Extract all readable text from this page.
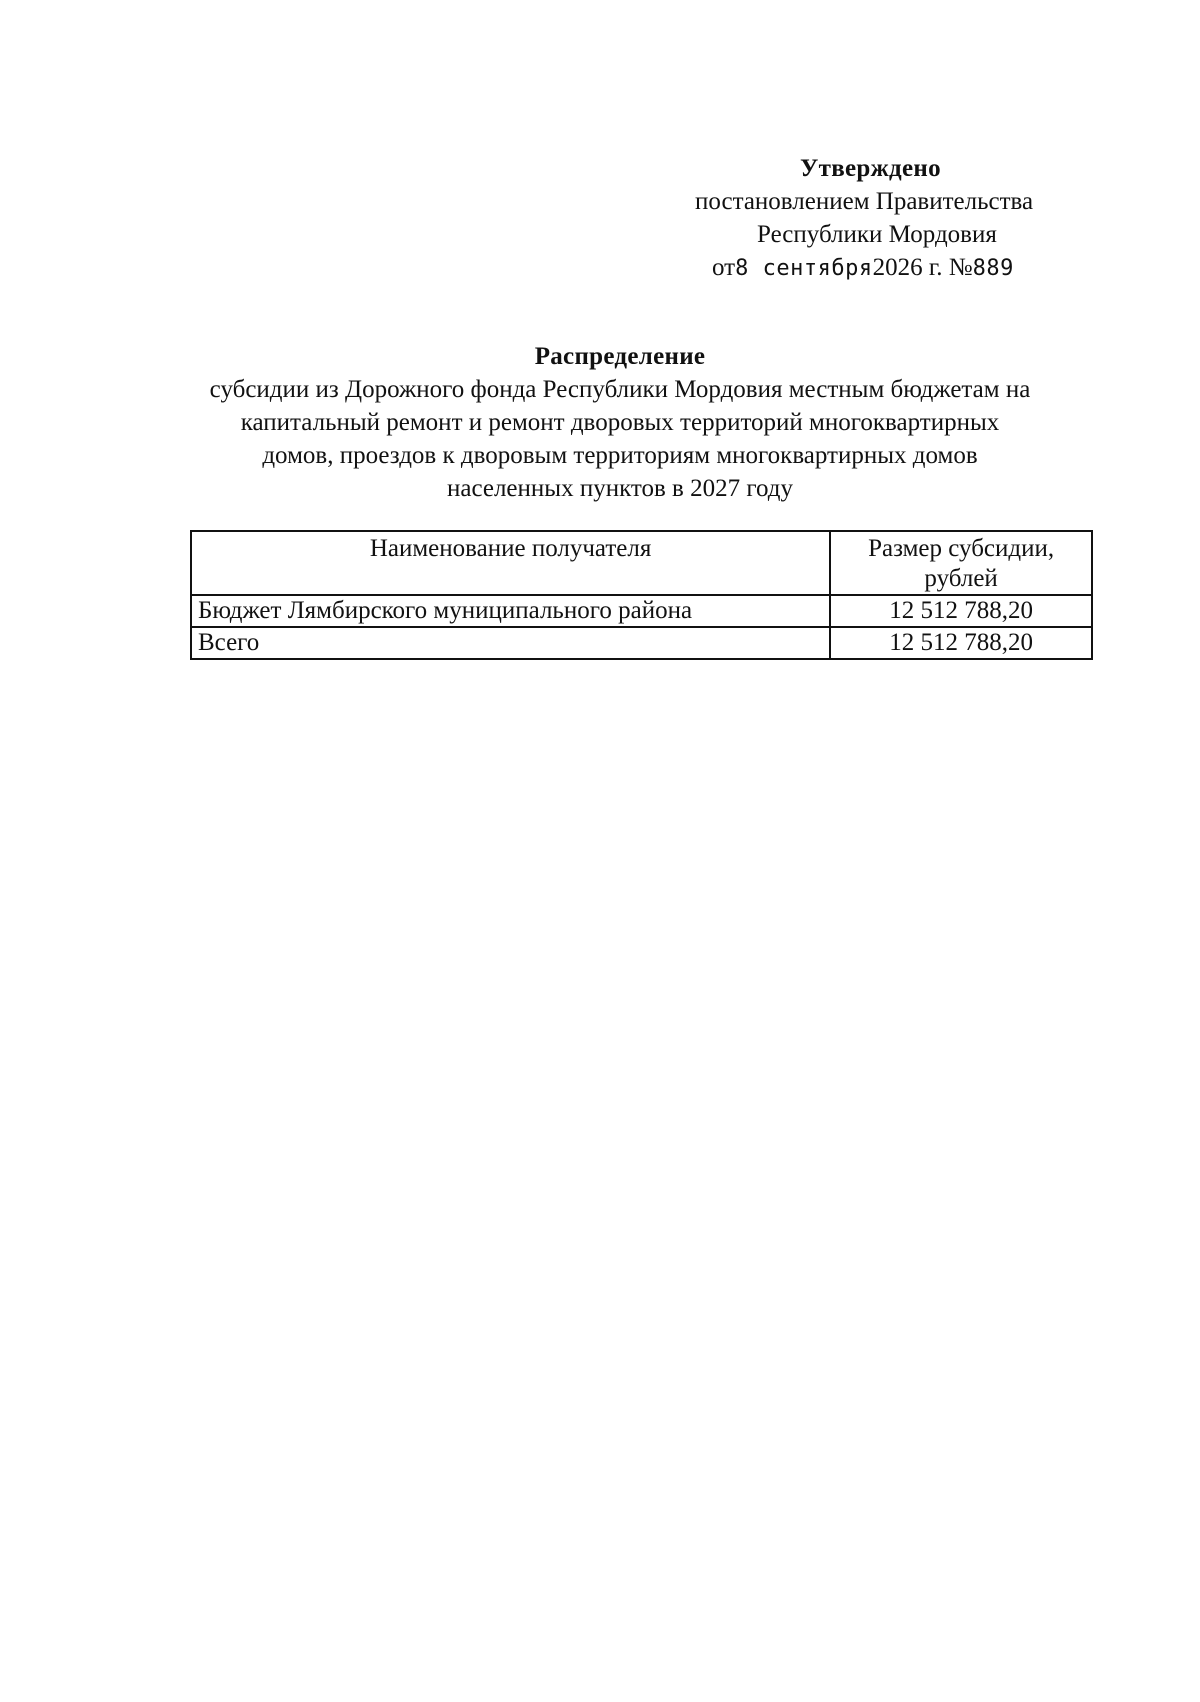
Утверждено
постановлением Правительства
Республики Мордовия
от8 сентября2026 г. №889
Распределение
субсидии из Дорожного фонда Республики Мордовия местным бюджетам на
капитальный ремонт и ремонт дворовых территорий многоквартирных
домов, проездов к дворовым территориям многоквартирных домов
населенных пунктов в 2027 году
Наименование получателя	Размер субсидии, рублей
Бюджет Лямбирского муниципального района	12 512 788,20
Всего	12 512 788,20
